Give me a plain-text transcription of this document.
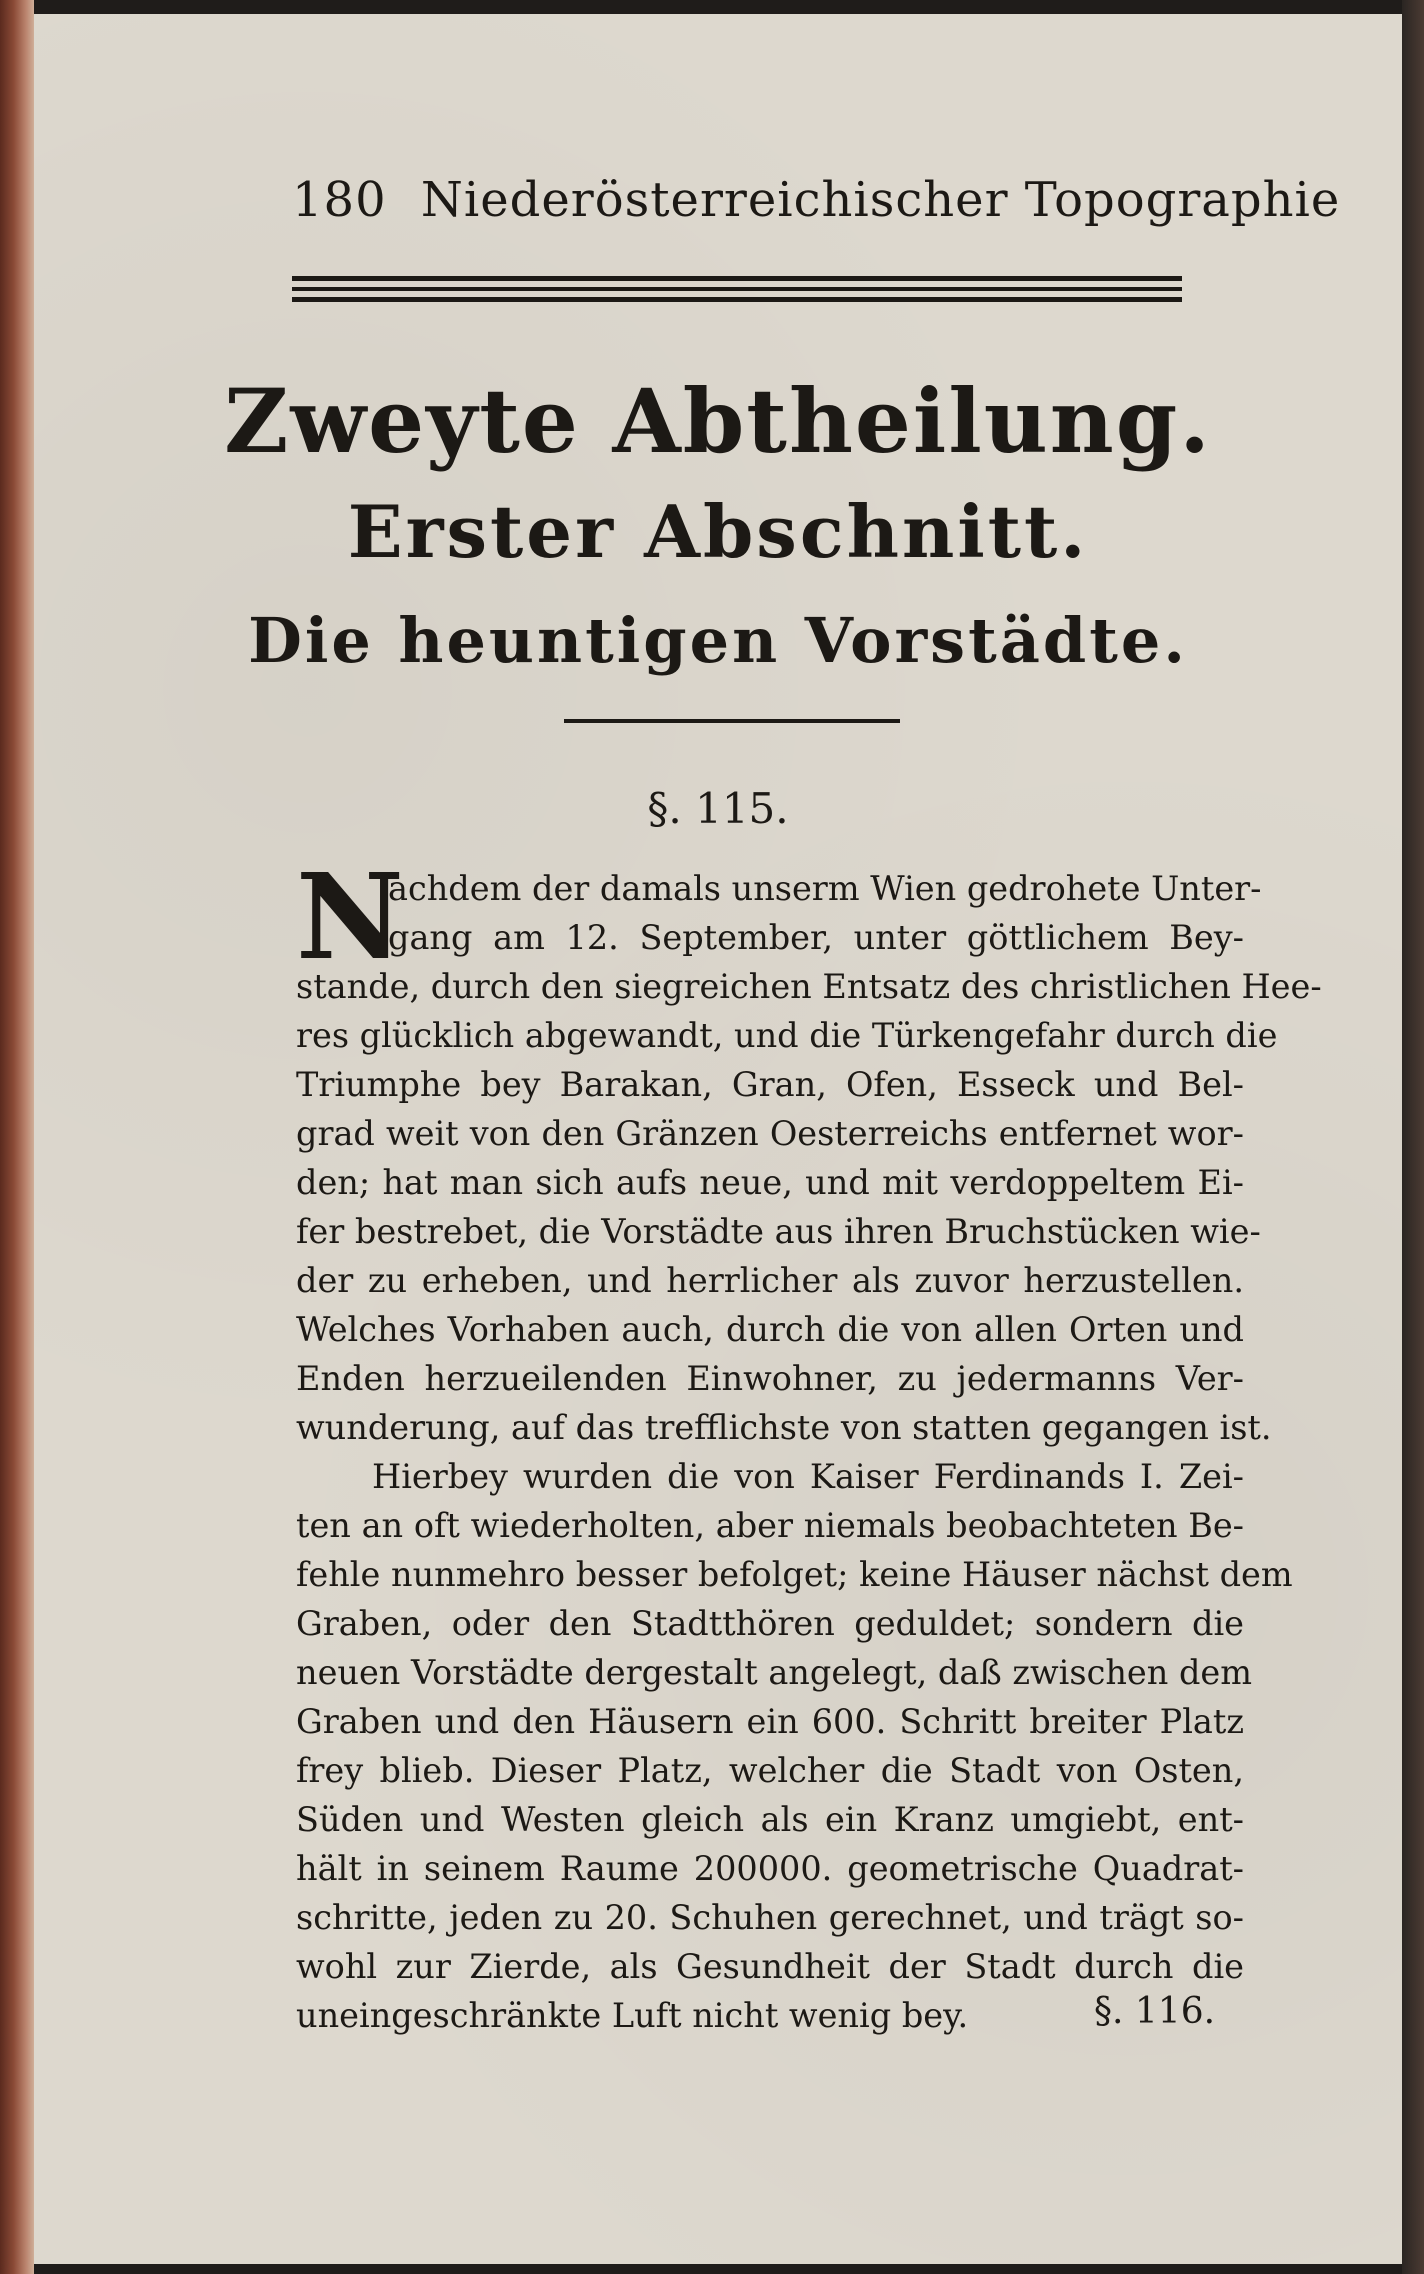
180 Niederösterreichischer Topographie
Zweyte Abtheilung.
Erster Abschnitt.
Die heuntigen Vorstädte.
§. 115.
N
achdem der damals unserm Wien gedrohete Unter-
gang am 12. September, unter göttlichem Bey-
stande, durch den siegreichen Entsatz des christlichen Hee-
res glücklich abgewandt, und die Türkengefahr durch die
Triumphe bey Barakan, Gran, Ofen, Esseck und Bel-
grad weit von den Gränzen Oesterreichs entfernet wor-
den; hat man sich aufs neue, und mit verdoppeltem Ei-
fer bestrebet, die Vorstädte aus ihren Bruchstücken wie-
der zu erheben, und herrlicher als zuvor herzustellen.
Welches Vorhaben auch, durch die von allen Orten und
Enden herzueilenden Einwohner, zu jedermanns Ver-
wunderung, auf das trefflichste von statten gegangen ist.
Hierbey wurden die von Kaiser Ferdinands I. Zei-
ten an oft wiederholten, aber niemals beobachteten Be-
fehle nunmehro besser befolget; keine Häuser nächst dem
Graben, oder den Stadtthören geduldet; sondern die
neuen Vorstädte dergestalt angelegt, daß zwischen dem
Graben und den Häusern ein 600. Schritt breiter Platz
frey blieb. Dieser Platz, welcher die Stadt von Osten,
Süden und Westen gleich als ein Kranz umgiebt, ent-
hält in seinem Raume 200000. geometrische Quadrat-
schritte, jeden zu 20. Schuhen gerechnet, und trägt so-
wohl zur Zierde, als Gesundheit der Stadt durch die
uneingeschränkte Luft nicht wenig bey.	§. 116.
